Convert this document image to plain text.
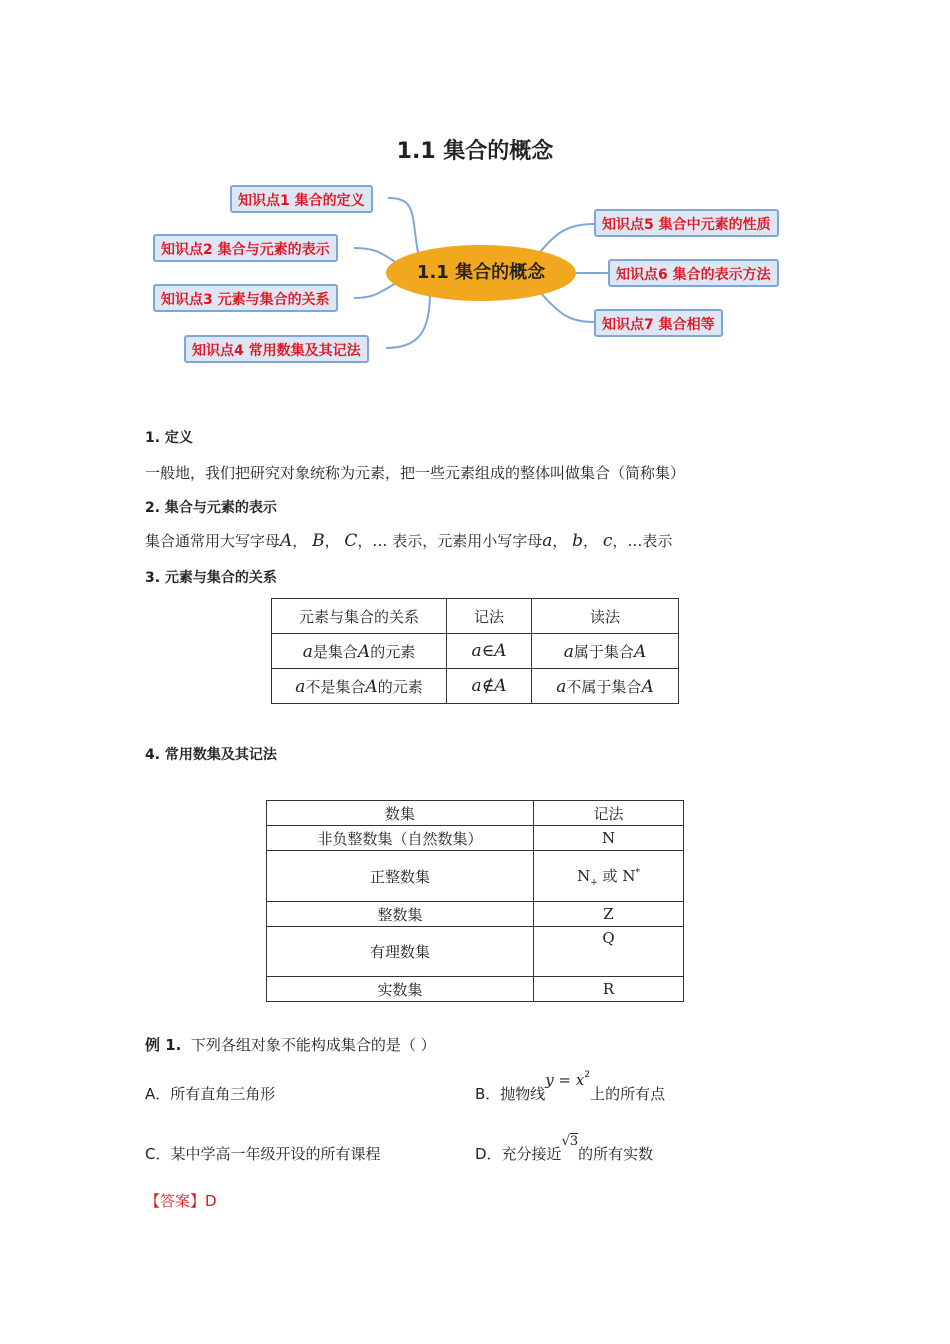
1.1 集合的概念
知识点1 集合的定义
知识点2 集合与元素的表示
知识点3 元素与集合的关系
知识点4 常用数集及其记法
1.1 集合的概念
知识点5 集合中元素的性质
知识点6 集合的表示方法
知识点7 集合相等
1. 定义
一般地，我们把研究对象统称为元素，把一些元素组成的整体叫做集合（简称集）
2. 集合与元素的表示
集合通常用大写字母A， B， C，… 表示，元素用小写字母a， b， c，…表示
3. 元素与集合的关系
元素与集合的关系	记法	读法
a是集合A的元素	a∈A	a属于集合A
a不是集合A的元素	a∉A	a不属于集合A
4. 常用数集及其记法
数集	记法
非负整数集（自然数集）	N
正整数集	$N_+$ 或 N*
整数集	Z
有理数集	Q
实数集	R
例 1. 下列各组对象不能构成集合的是（ ）
A．所有直角三角形	B．抛物线$y = x^2$上的所有点
C．某中学高一年级开设的所有课程	D．充分接近√3的所有实数
【答案】D
